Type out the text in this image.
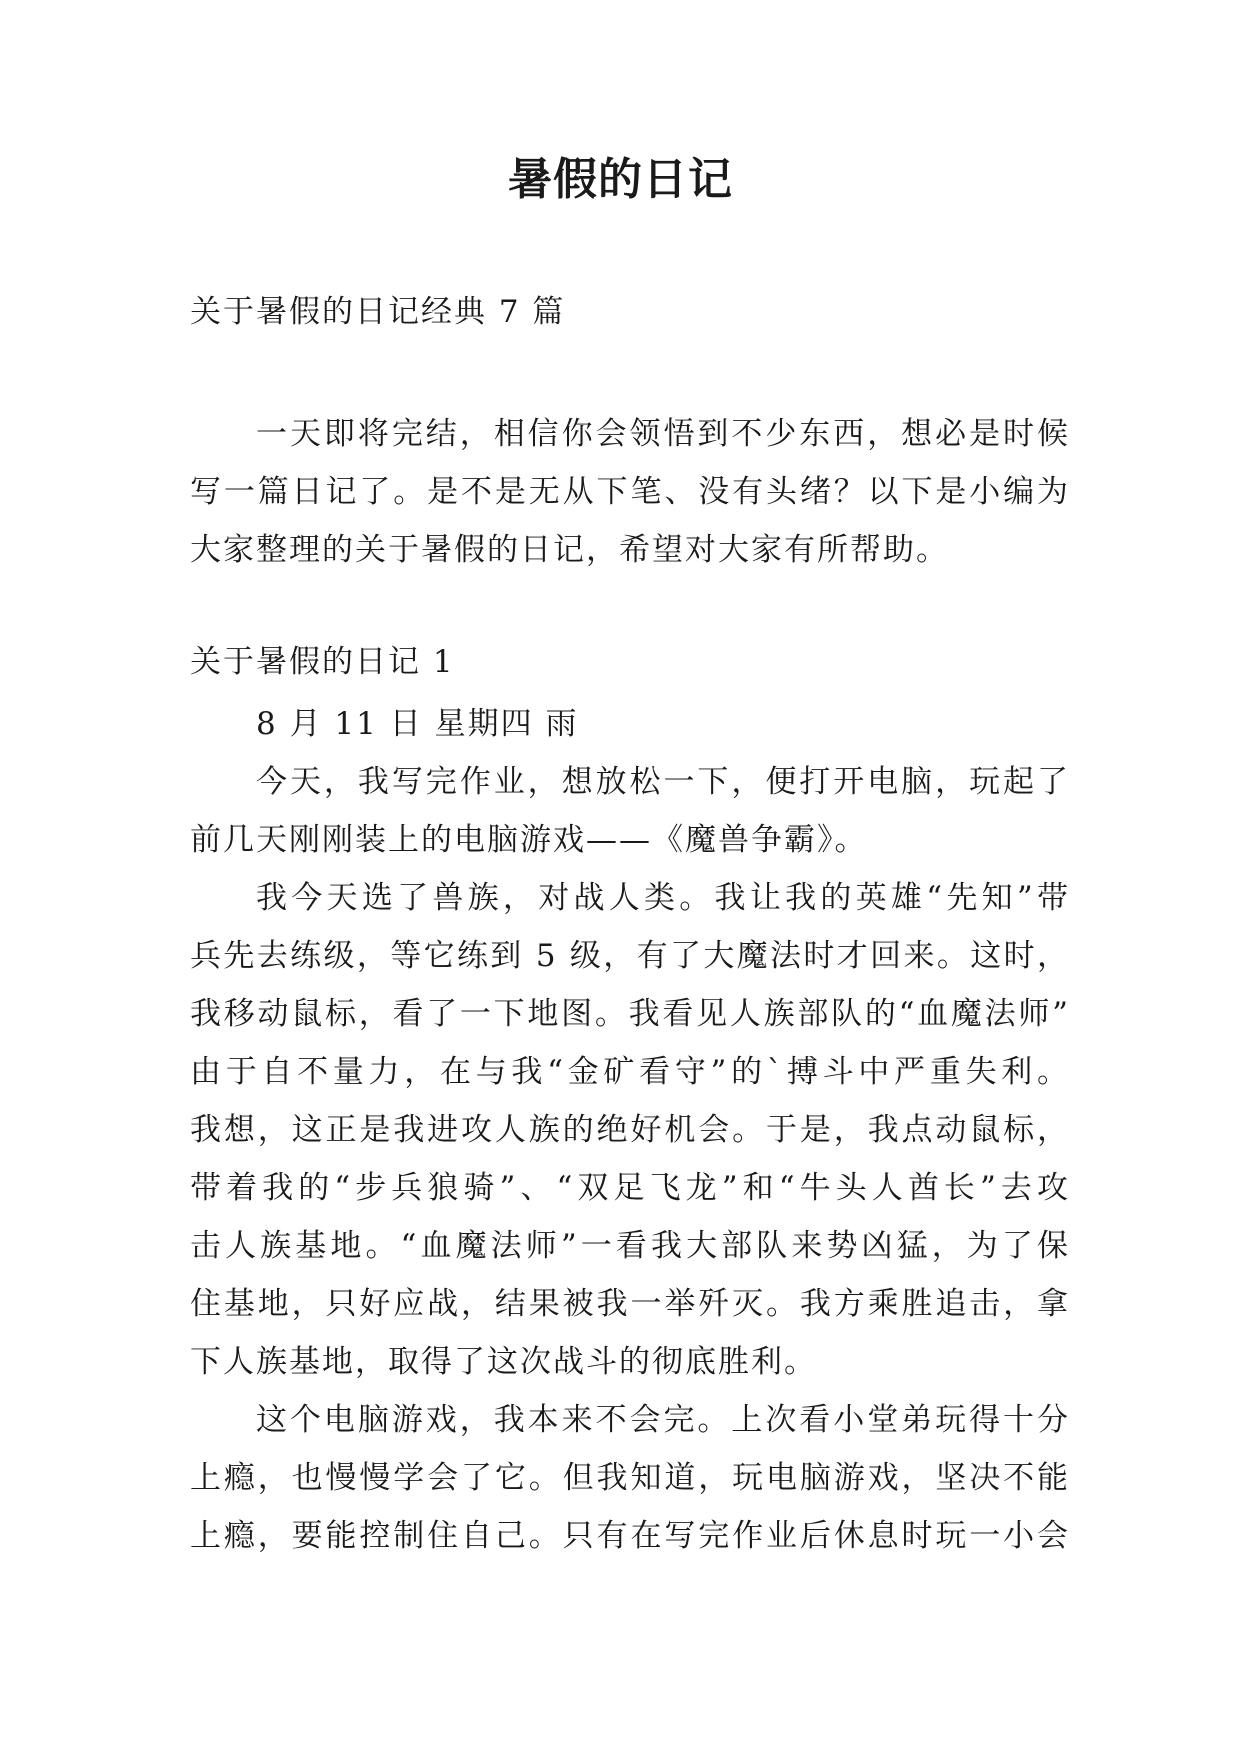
暑假的日记

关于暑假的日记经典 7 篇

一天即将完结，相信你会领悟到不少东西，想必是时候
写一篇日记了。是不是无从下笔、没有头绪？以下是小编为
大家整理的关于暑假的日记，希望对大家有所帮助。

关于暑假的日记 1

8 月 11 日 星期四 雨
今天，我写完作业，想放松一下，便打开电脑，玩起了
前几天刚刚装上的电脑游戏——《魔兽争霸》。
我今天选了兽族，对战人类。我让我的英雄“先知”带
兵先去练级，等它练到 5 级，有了大魔法时才回来。这时，
我移动鼠标，看了一下地图。我看见人族部队的“血魔法师”
由于自不量力，在与我“金矿看守”的`搏斗中严重失利。
我想，这正是我进攻人族的绝好机会。于是，我点动鼠标，
带着我的“步兵狼骑”、“双足飞龙”和“牛头人酋长”去攻
击人族基地。“血魔法师”一看我大部队来势凶猛，为了保
住基地，只好应战，结果被我一举歼灭。我方乘胜追击，拿
下人族基地，取得了这次战斗的彻底胜利。
这个电脑游戏，我本来不会完。上次看小堂弟玩得十分
上瘾，也慢慢学会了它。但我知道，玩电脑游戏，坚决不能
上瘾，要能控制住自己。只有在写完作业后休息时玩一小会
